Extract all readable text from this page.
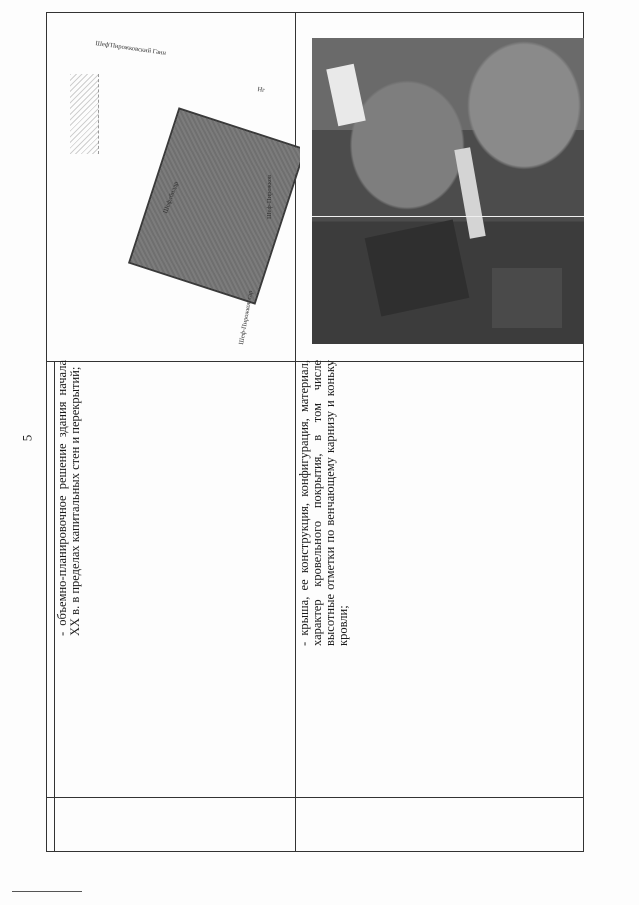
5 - объемно-планировочное решение здания начала XX в. в пределах капитальных стен и перекрытий;	- крыша, ее конструкция, конфигурация, материал, характер кровельного покрытия, в том числе высотные отметки по венчающему карнизу и коньку кровли;
Шеф'Пирожковский Ганн
Нг
Шеф-Пирожков
Шеф-Пирожков сар
Шефлбилдр
